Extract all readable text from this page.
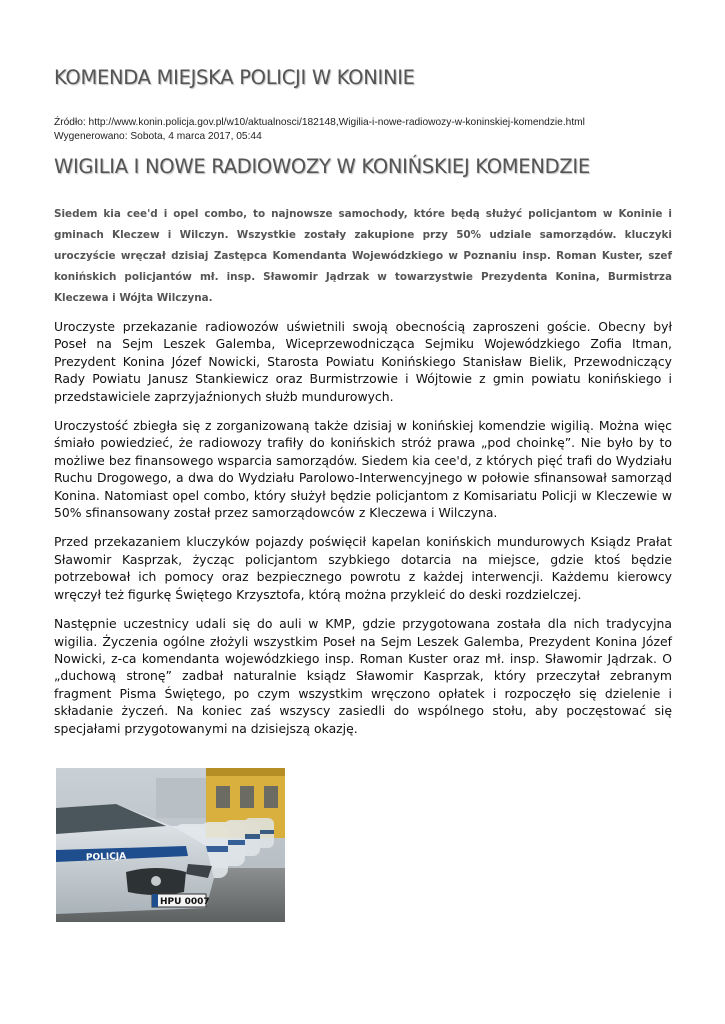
KOMENDA MIEJSKA POLICJI W KONINIE
Źródło: http://www.konin.policja.gov.pl/w10/aktualnosci/182148,Wigilia-i-nowe-radiowozy-w-koninskiej-komendzie.html
Wygenerowano: Sobota, 4 marca 2017, 05:44
WIGILIA I NOWE RADIOWOZY W KONIŃSKIEJ KOMENDZIE

Siedem kia cee'd i opel combo, to najnowsze samochody, które będą służyć policjantom w Koninie i gminach Kleczew i Wilczyn. Wszystkie zostały zakupione przy 50% udziale samorządów. kluczyki uroczyście wręczał dzisiaj Zastępca Komendanta Wojewódzkiego w Poznaniu insp. Roman Kuster, szef konińskich policjantów mł. insp. Sławomir Jądrzak w towarzystwie Prezydenta Konina, Burmistrza Kleczewa i Wójta Wilczyna.

Uroczyste przekazanie radiowozów uświetnili swoją obecnością zaproszeni goście. Obecny był Poseł na Sejm Leszek Galemba, Wiceprzewodnicząca Sejmiku Wojewódzkiego Zofia Itman, Prezydent Konina Józef Nowicki, Starosta Powiatu Konińskiego Stanisław Bielik, Przewodniczący Rady Powiatu Janusz Stankiewicz oraz Burmistrzowie i Wójtowie z gmin powiatu konińskiego i przedstawiciele zaprzyjaźnionych służb mundurowych.

Uroczystość zbiegła się z zorganizowaną także dzisiaj w konińskiej komendzie wigilią. Można więc śmiało powiedzieć, że radiowozy trafiły do konińskich stróż prawa „pod choinkę”. Nie było by to możliwe bez finansowego wsparcia samorządów. Siedem kia cee'd, z których pięć trafi do Wydziału Ruchu Drogowego, a dwa do Wydziału Parolowo-Interwencyjnego w połowie sfinansował samorząd Konina. Natomiast opel combo, który służył będzie policjantom z Komisariatu Policji w Kleczewie w 50% sfinansowany został przez samorządowców z Kleczewa i Wilczyna.

Przed przekazaniem kluczyków pojazdy poświęcił kapelan konińskich mundurowych Ksiądz Prałat Sławomir Kasprzak, życząc policjantom szybkiego dotarcia na miejsce, gdzie ktoś będzie potrzebował ich pomocy oraz bezpiecznego powrotu z każdej interwencji. Każdemu kierowcy wręczył też figurkę Świętego Krzysztofa, którą można przykleić do deski rozdzielczej.

Następnie uczestnicy udali się do auli w KMP, gdzie przygotowana została dla nich tradycyjna wigilia. Życzenia ogólne złożyli wszystkim Poseł na Sejm Leszek Galemba, Prezydent Konina Józef Nowicki, z-ca komendanta wojewódzkiego insp. Roman Kuster oraz mł. insp. Sławomir Jądrzak. O „duchową stronę” zadbał naturalnie ksiądz Sławomir Kasprzak, który przeczytał zebranym fragment Pisma Świętego, po czym wszystkim wręczono opłatek i rozpoczęło się dzielenie i składanie życzeń. Na koniec zaś wszyscy zasiedli do wspólnego stołu, aby poczęstować się specjałami przygotowanymi na dzisiejszą okazję.

POLICJA
HPU 0007
